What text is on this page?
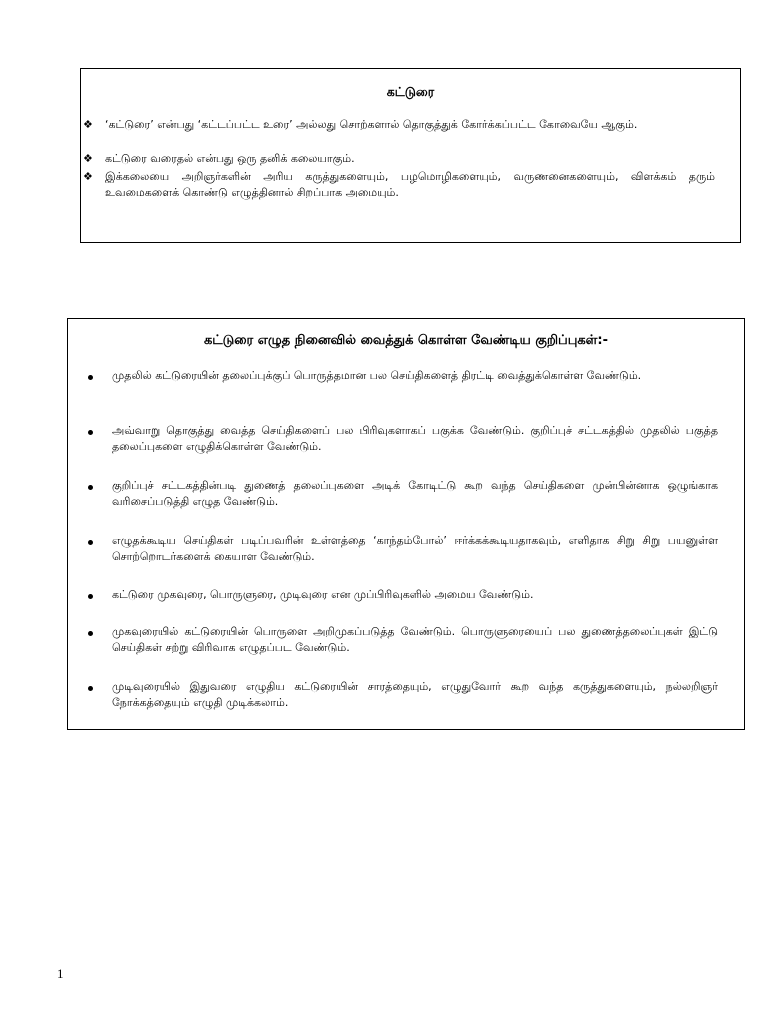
கட்டுரை
❖ ‘கட்டுரை’ என்பது ‘கட்டப்பட்ட உரை’ அல்லது சொற்களால் தொகுத்துக் கோர்க்கப்பட்ட கோவையே ஆகும்.
❖ கட்டுரை வரைதல் என்பது ஒரு தனிக் கலையாகும்.
❖ இக்கலையை அறிஞர்களின் அரிய கருத்துகளையும், பழமொழிகளையும், வருணனைகளையும், விளக்கம் தரும் உவமைகளைக் கொண்டு எழுத்தினால் சிறப்பாக அமையும்.
கட்டுரை எழுத நினைவில் வைத்துக் கொள்ள வேண்டிய குறிப்புகள்:-

முதலில் கட்டுரையின் தலைப்புக்குப் பொருத்தமான பல செய்திகளைத் திரட்டி வைத்துக்கொள்ள வேண்டும்.

அவ்வாறு தொகுத்து வைத்த செய்திகளைப் பல பிரிவுகளாகப் பகுக்க வேண்டும். குறிப்புச் சட்டகத்தில் முதலில் பகுத்த தலைப்புகளை எழுதிக்கொள்ள வேண்டும்.

குறிப்புச் சட்டகத்தின்படி துணைத் தலைப்புகளை அடிக் கோடிட்டு கூற வந்த செய்திகளை முன்பின்னாக ஒழுங்காக வரிசைப்படுத்தி எழுத வேண்டும்.

எழுதக்கூடிய செய்திகள் படிப்பவரின் உள்ளத்தை ‘காந்தம்போல்’ ஈர்க்கக்கூடியதாகவும், எளிதாக சிறு சிறு பயனுள்ள சொற்றொடர்களைக் கையாள வேண்டும்.

கட்டுரை முகவுரை, பொருளுரை, முடிவுரை என முப்பிரிவுகளில் அமைய வேண்டும்.

முகவுரையில் கட்டுரையின் பொருளை அறிமுகப்படுத்த வேண்டும். பொருளுரையைப் பல துணைத்தலைப்புகள் இட்டு செய்திகள் சற்று விரிவாக எழுதப்பட வேண்டும்.

முடிவுரையில் இதுவரை எழுதிய கட்டுரையின் சாரத்தையும், எழுதுவோர் கூற வந்த கருத்துகளையும், நல்லறிஞர் நோக்கத்தையும் எழுதி முடிக்கலாம்.

1
